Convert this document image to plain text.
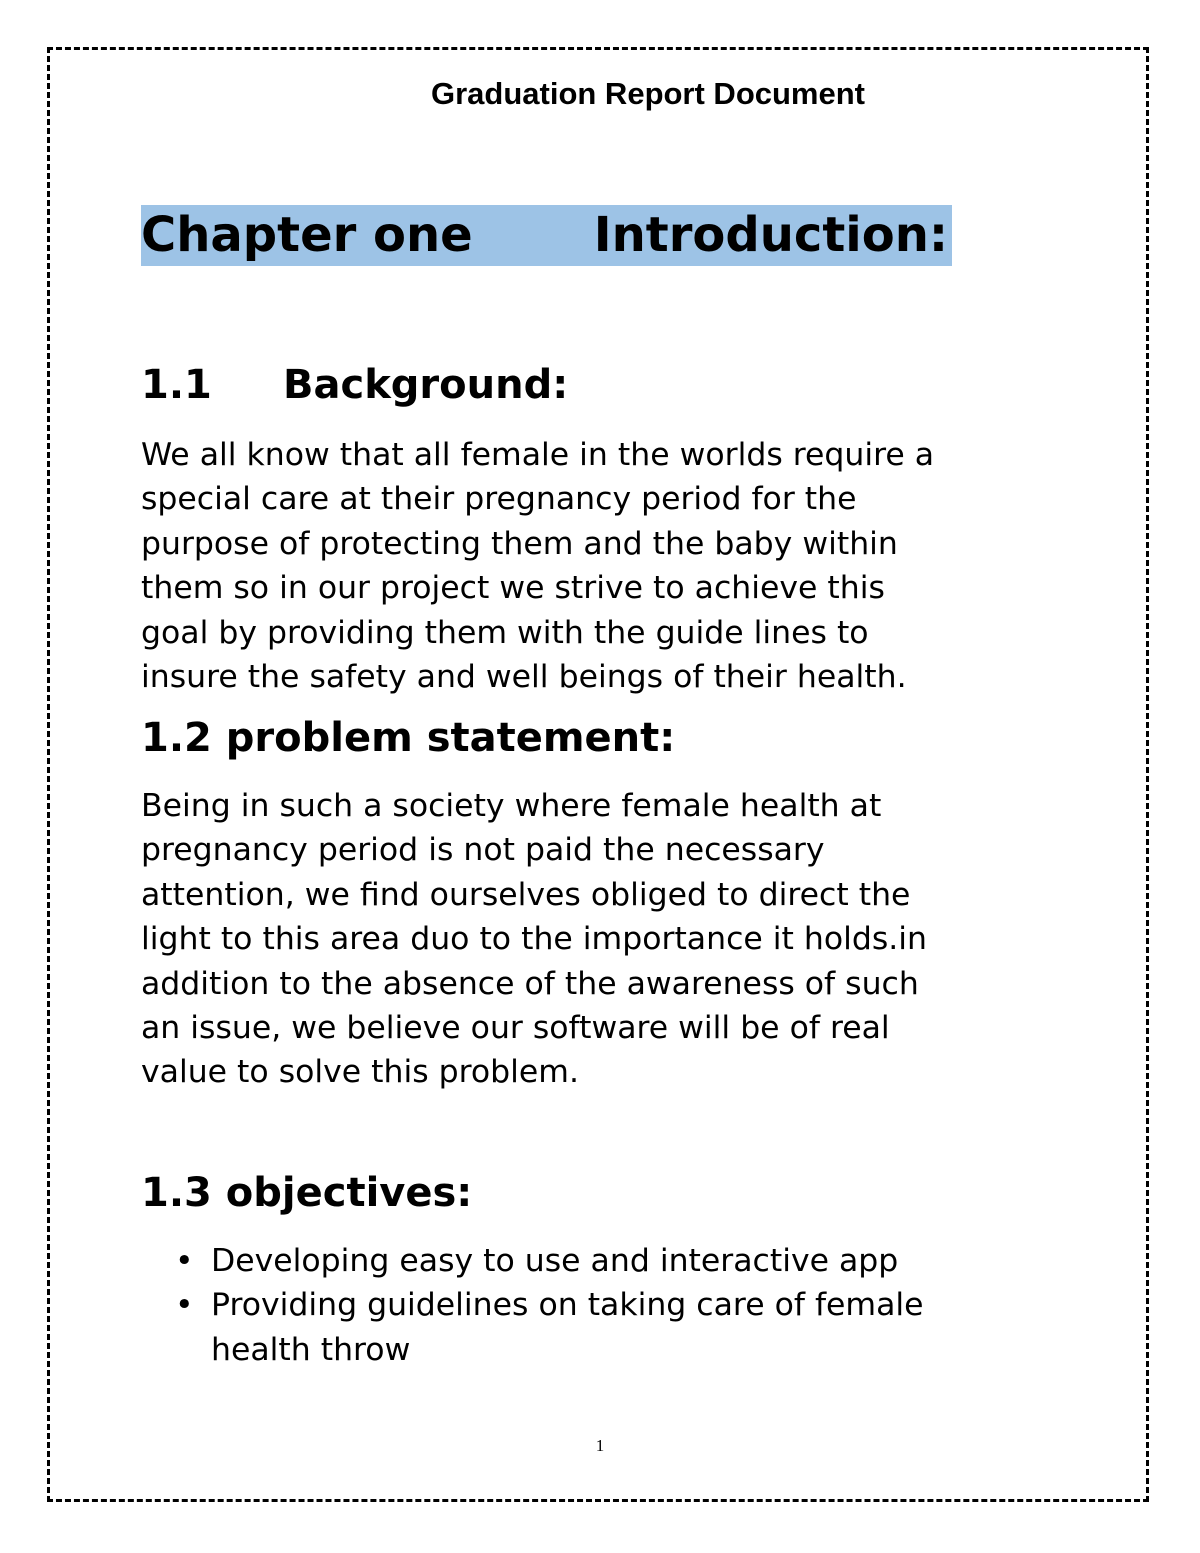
Graduation Report Document
Chapter one	Introduction:
1.1 Background:

We all know that all female in the worlds require a
special care at their pregnancy period for the
purpose of protecting them and the baby within
them so in our project we strive to achieve this
goal by providing them with the guide lines to
insure the safety and well beings of their health.

1.2 problem statement:

Being in such a society where female health at
pregnancy period is not paid the necessary
attention, we find ourselves obliged to direct the
light to this area duo to the importance it holds.in
addition to the absence of the awareness of such
an issue, we believe our software will be of real
value to solve this problem.

1.3 objectives:
• Developing easy to use and interactive app
• Providing guidelines on taking care of female
health throw
1
